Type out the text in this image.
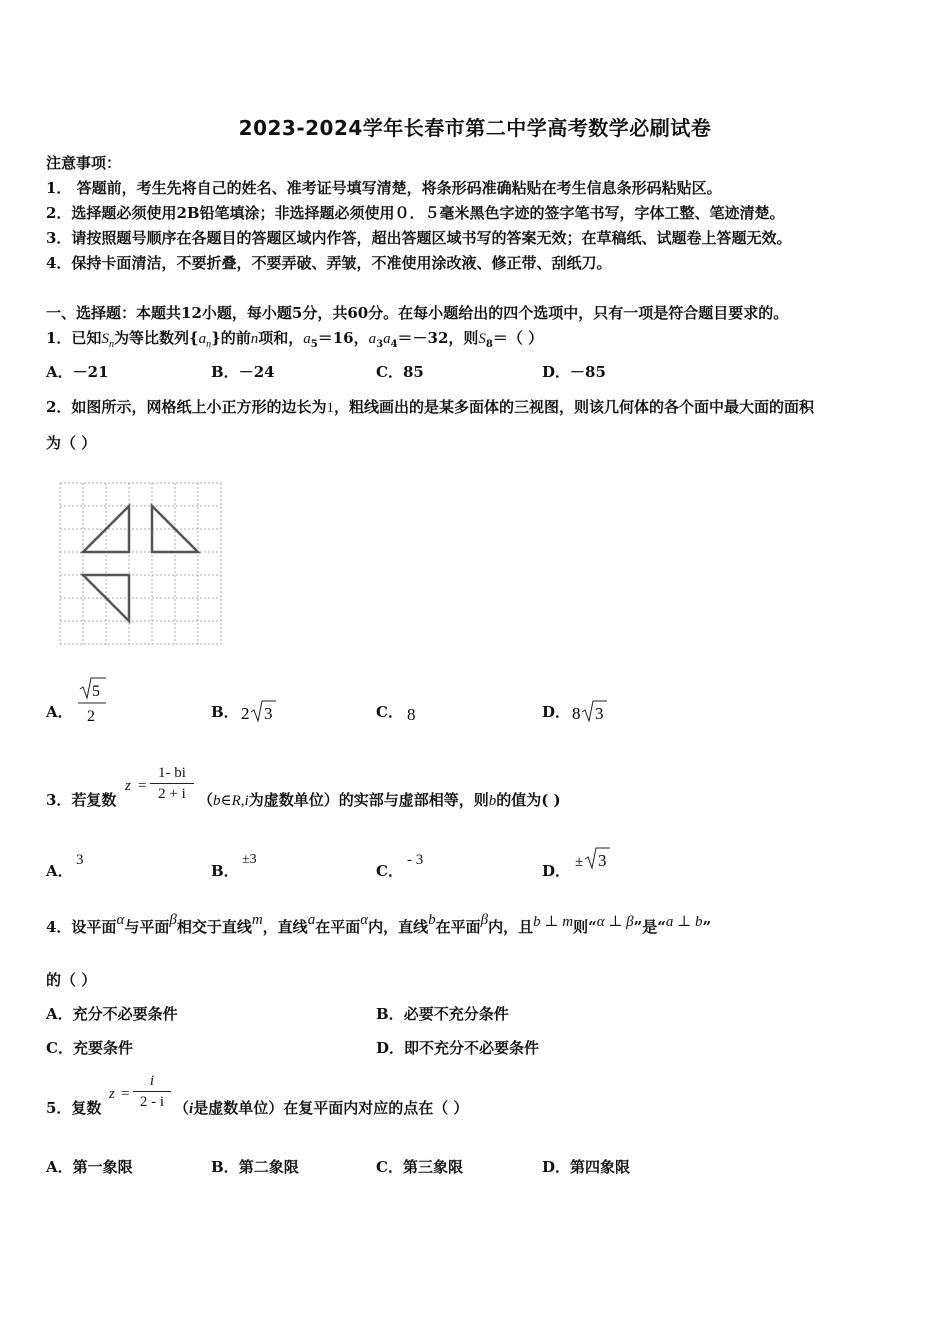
2023-2024学年长春市第二中学高考数学必刷试卷
注意事项：
1． 答题前，考生先将自己的姓名、准考证号填写清楚，将条形码准确粘贴在考生信息条形码粘贴区。
2．选择题必须使用2B铅笔填涂；非选择题必须使用０．５毫米黑色字迹的签字笔书写，字体工整、笔迹清楚。
3．请按照题号顺序在各题目的答题区域内作答，超出答题区域书写的答案无效；在草稿纸、试题卷上答题无效。
4．保持卡面清洁，不要折叠，不要弄破、弄皱，不准使用涂改液、修正带、刮纸刀。
一、选择题：本题共12小题，每小题5分，共60分。在每小题给出的四个选项中，只有一项是符合题目要求的。
1．已知$S_n$为等比数列$\{a_n\}$的前n项和，$a_5=16$，$a_3a_4=-32$，则$S_8=$（ ）
A．－21	B．－24	C．85	D．－85
2．如图所示，网格纸上小正方形的边长为1，粗线画出的是某多面体的三视图，则该几何体的各个面中最大面的面积
为（ ）
A．
5
2	B． 2 3	C． 8	D． 8 3
3．若复数
z =
1- bi
2 + i （b∈R,i为虚数单位）的实部与虚部相等，则b的值为( )
A．
3
B．
±3
C．
- 3
D． ± 3
4．设平面α与平面β相交于直线m，直线a在平面α内，直线b在平面β内，且b ⊥ m则“α ⊥ β”是“a ⊥ b”
的（ ）
A．充分不必要条件	B．必要不充分条件
C．充要条件	D．即不充分不必要条件
5．复数
z =
i
2 - i （i是虚数单位）在复平面内对应的点在（ ）
A．第一象限	B．第二象限	C．第三象限	D．第四象限
